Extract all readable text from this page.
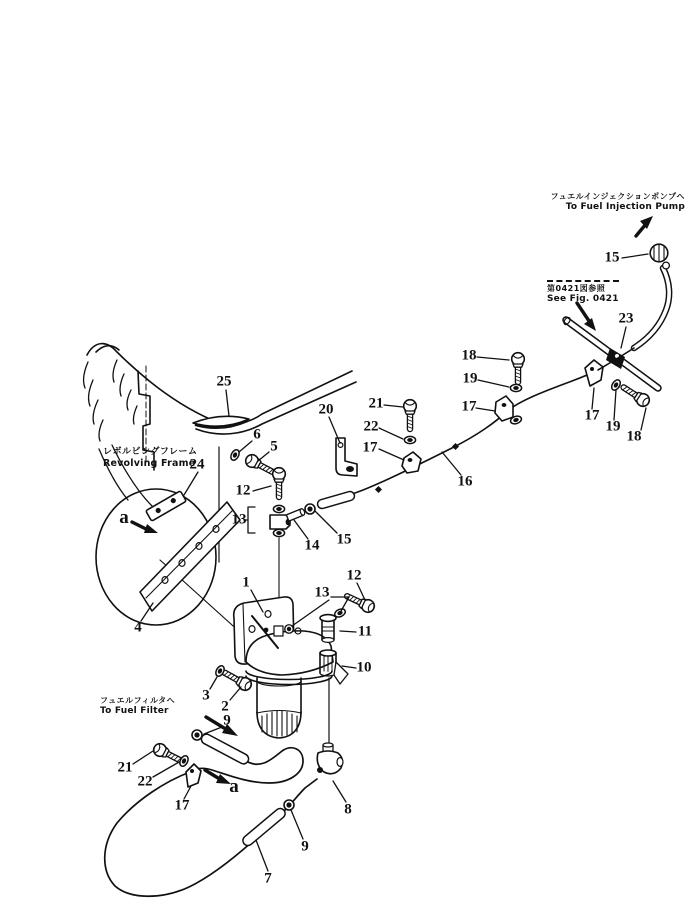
フュエルインジェクションポンプへ
To Fuel Injection Pump
第0421図参照
See Fig. 0421
レボルビングフレーム
Revolving Frame
フュエルフィルタへ
To Fuel Filter
1
2
3
4
5
6
7
8
9
9
10
11
12
12
13
13
14 15
15
16
17
17
17
17
18
18
19
19
20 21
21
22
22
23
24
25
a
a
